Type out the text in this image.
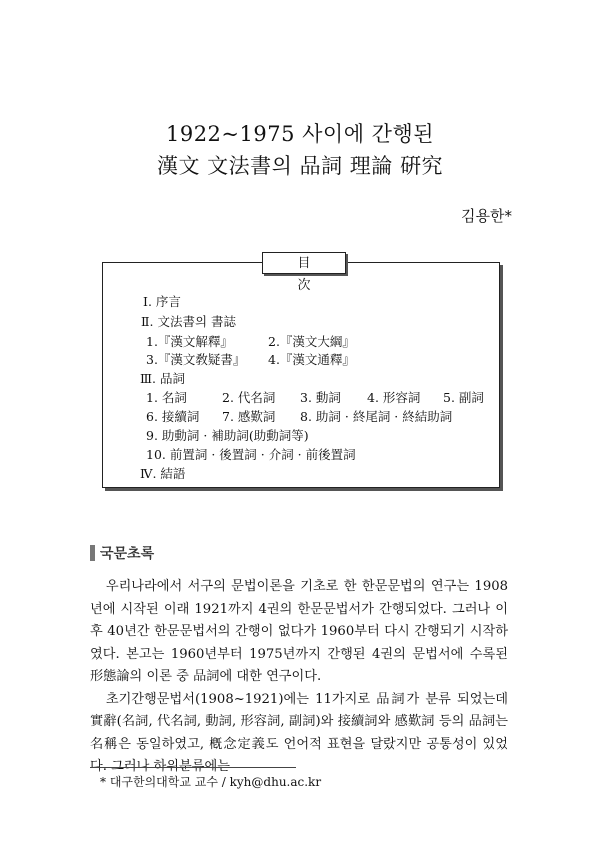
1922~1975 사이에 간행된
漢文 文法書의 品詞 理論 硏究
김용한*
目 次
Ⅰ. 序言
Ⅱ. 文法書의 書誌
1.『漢文解釋』	2.『漢文大綱』
3.『漢文敎疑書』 4.『漢文通釋』
Ⅲ. 品詞
1. 名詞	2. 代名詞 3. 動詞 4. 形容詞 5. 副詞
6. 接續詞 7. 感歎詞 8. 助詞 · 終尾詞 · 終結助詞
9. 助動詞 · 補助詞(助動詞等)
10. 前置詞 · 後置詞 · 介詞 · 前後置詞
Ⅳ. 結語
국문초록

우리나라에서 서구의 문법이론을 기초로 한 한문문법의 연구는 1908년에 시작된 이래 1921까지 4권의 한문문법서가 간행되었다. 그러나 이후 40년간 한문문법서의 간행이 없다가 1960부터 다시 간행되기 시작하였다. 본고는 1960년부터 1975년까지 간행된 4권의 문법서에 수록된 形態論의 이론 중 品詞에 대한 연구이다.

초기간행문법서(1908~1921)에는 11가지로 品詞가 분류 되었는데 實辭(名詞, 代名詞, 動詞, 形容詞, 副詞)와 接續詞와 感歎詞 등의 品詞는 名稱은 동일하였고, 槪念定義도 언어적 표현을 달랐지만 공통성이 있었다. 그러나 하위분류에는

* 대구한의대학교 교수 / kyh@dhu.ac.kr
